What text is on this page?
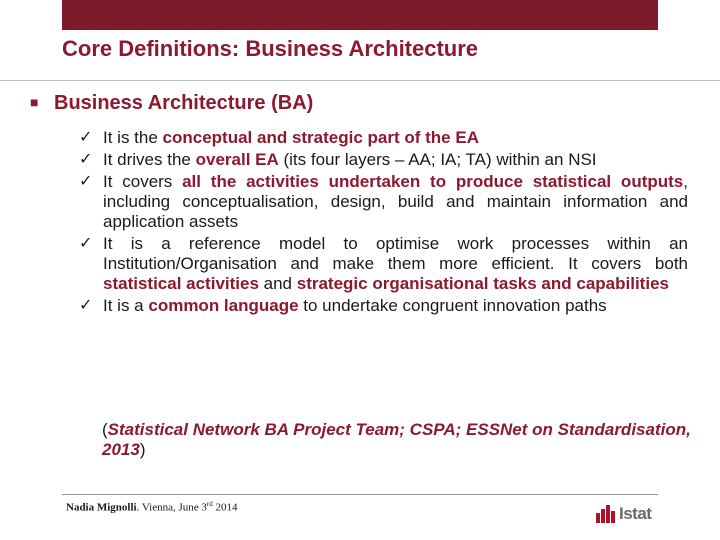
Core Definitions: Business Architecture
■ Business Architecture (BA)
✓ It is the conceptual and strategic part of the EA
✓ It drives the overall EA (its four layers – AA; IA; TA) within an NSI
✓ It covers all the activities undertaken to produce statistical outputs, including conceptualisation, design, build and maintain information and application assets
✓ It is a reference model to optimise work processes within an Institution/Organisation and make them more efficient. It covers both statistical activities and strategic organisational tasks and capabilities
✓ It is a common language to undertake congruent innovation paths
(Statistical Network BA Project Team; CSPA; ESSNet on Standardisation, 2013)
Nadia Mignolli. Vienna, June 3rd 2014	Istat
